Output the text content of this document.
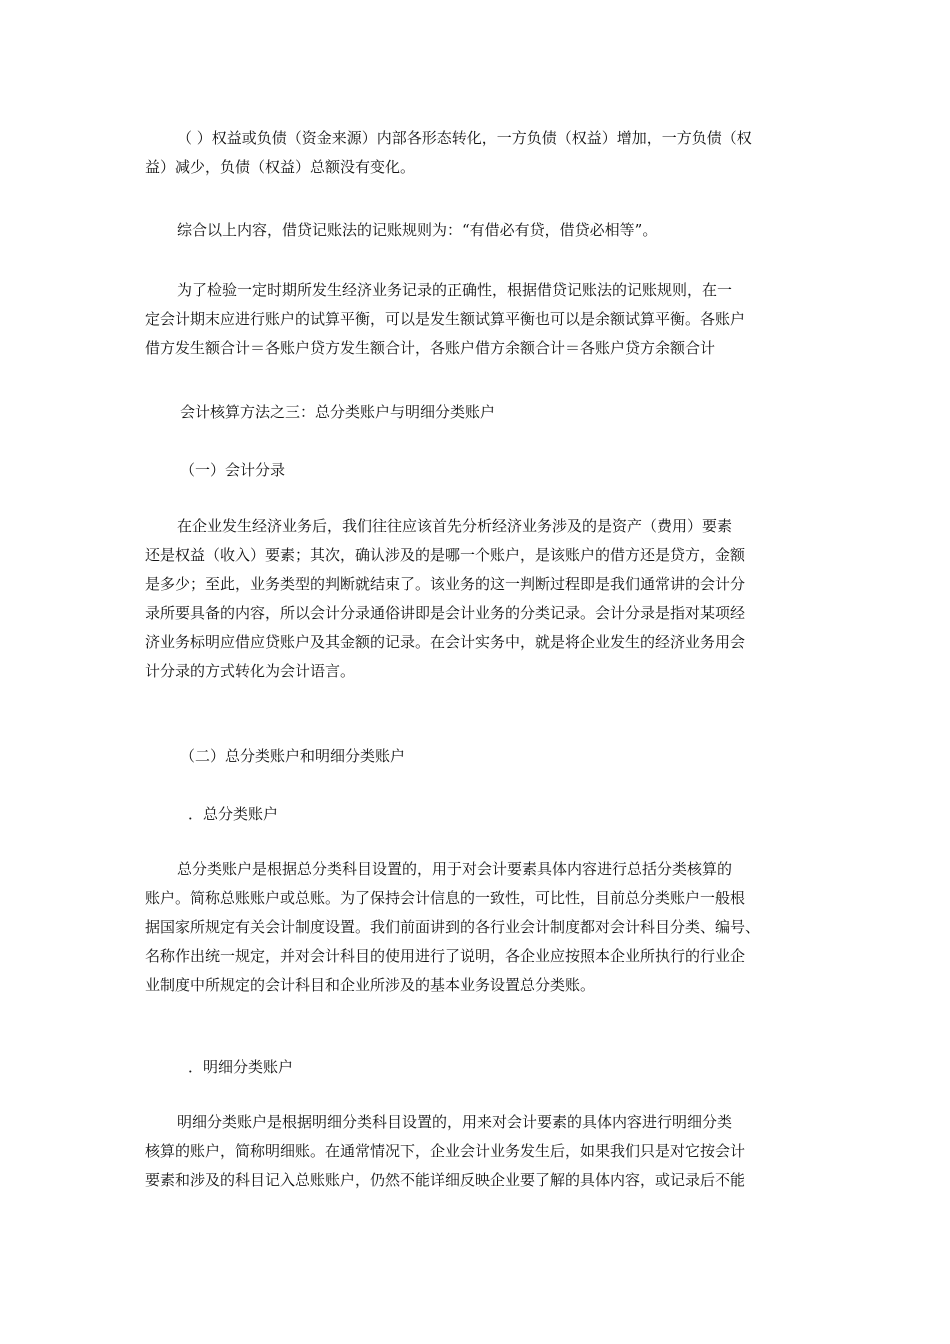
（ ）权益或负债（资金来源）内部各形态转化，一方负债（权益）增加，一方负债（权
益）减少，负债（权益）总额没有变化。
综合以上内容，借贷记账法的记账规则为：“有借必有贷，借贷必相等”。
为了检验一定时期所发生经济业务记录的正确性，根据借贷记账法的记账规则，在一
定会计期末应进行账户的试算平衡，可以是发生额试算平衡也可以是余额试算平衡。各账户
借方发生额合计＝各账户贷方发生额合计，各账户借方余额合计＝各账户贷方余额合计
会计核算方法之三：总分类账户与明细分类账户
（一）会计分录
在企业发生经济业务后，我们往往应该首先分析经济业务涉及的是资产（费用）要素
还是权益（收入）要素；其次，确认涉及的是哪一个账户，是该账户的借方还是贷方，金额
是多少；至此，业务类型的判断就结束了。该业务的这一判断过程即是我们通常讲的会计分
录所要具备的内容，所以会计分录通俗讲即是会计业务的分类记录。会计分录是指对某项经
济业务标明应借应贷账户及其金额的记录。在会计实务中，就是将企业发生的经济业务用会
计分录的方式转化为会计语言。
（二）总分类账户和明细分类账户
．总分类账户
总分类账户是根据总分类科目设置的，用于对会计要素具体内容进行总括分类核算的
账户。简称总账账户或总账。为了保持会计信息的一致性，可比性，目前总分类账户一般根
据国家所规定有关会计制度设置。我们前面讲到的各行业会计制度都对会计科目分类、编号、
名称作出统一规定，并对会计科目的使用进行了说明，各企业应按照本企业所执行的行业企
业制度中所规定的会计科目和企业所涉及的基本业务设置总分类账。
．明细分类账户
明细分类账户是根据明细分类科目设置的，用来对会计要素的具体内容进行明细分类
核算的账户，简称明细账。在通常情况下，企业会计业务发生后，如果我们只是对它按会计
要素和涉及的科目记入总账账户，仍然不能详细反映企业要了解的具体内容，或记录后不能
